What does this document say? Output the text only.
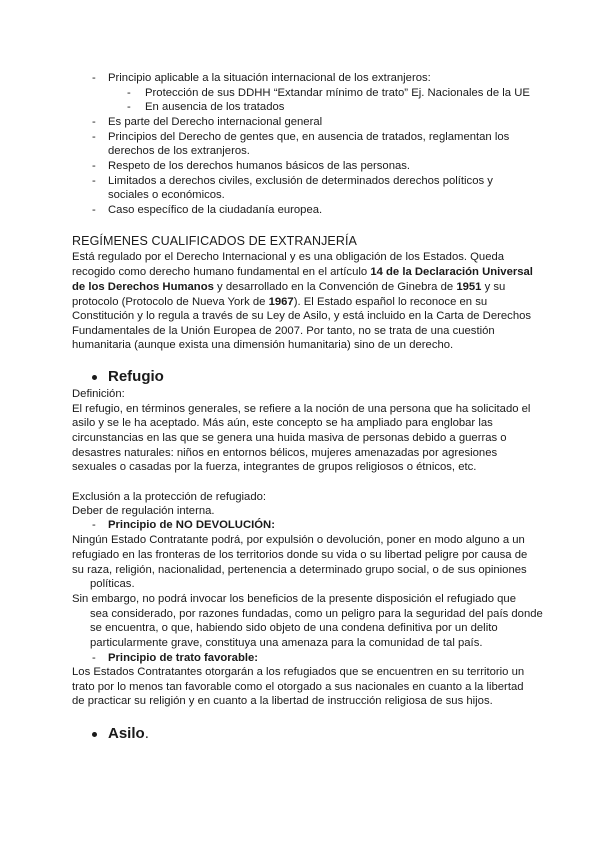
- Principio aplicable a la situación internacional de los extranjeros:
- Protección de sus DDHH “Extandar mínimo de trato” Ej. Nacionales de la UE
- En ausencia de los tratados
- Es parte del Derecho internacional general
- Principios del Derecho de gentes que, en ausencia de tratados, reglamentan los
derechos de los extranjeros.
- Respeto de los derechos humanos básicos de las personas.
- Limitados a derechos civiles, exclusión de determinados derechos políticos y
sociales o económicos.
- Caso específico de la ciudadanía europea.
REGÍMENES CUALIFICADOS DE EXTRANJERÍA
Está regulado por el Derecho Internacional y es una obligación de los Estados. Queda
recogido como derecho humano fundamental en el artículo 14 de la Declaración Universal
de los Derechos Humanos y desarrollado en la Convención de Ginebra de 1951 y su
protocolo (Protocolo de Nueva York de 1967). El Estado español lo reconoce en su
Constitución y lo regula a través de su Ley de Asilo, y está incluido en la Carta de Derechos
Fundamentales de la Unión Europea de 2007. Por tanto, no se trata de una cuestión
humanitaria (aunque exista una dimensión humanitaria) sino de un derecho.
Refugio
Definición:
El refugio, en términos generales, se refiere a la noción de una persona que ha solicitado el
asilo y se le ha aceptado. Más aún, este concepto se ha ampliado para englobar las
circunstancias en las que se genera una huida masiva de personas debido a guerras o
desastres naturales: niños en entornos bélicos, mujeres amenazadas por agresiones
sexuales o casadas por la fuerza, integrantes de grupos religiosos o étnicos, etc.
Exclusión a la protección de refugiado:
Deber de regulación interna.
- Principio de NO DEVOLUCIÓN:
Ningún Estado Contratante podrá, por expulsión o devolución, poner en modo alguno a un
refugiado en las fronteras de los territorios donde su vida o su libertad peligre por causa de
su raza, religión, nacionalidad, pertenencia a determinado grupo social, o de sus opiniones
políticas.
Sin embargo, no podrá invocar los beneficios de la presente disposición el refugiado que
sea considerado, por razones fundadas, como un peligro para la seguridad del país donde
se encuentra, o que, habiendo sido objeto de una condena definitiva por un delito
particularmente grave, constituya una amenaza para la comunidad de tal país.
- Principio de trato favorable:
Los Estados Contratantes otorgarán a los refugiados que se encuentren en su territorio un
trato por lo menos tan favorable como el otorgado a sus nacionales en cuanto a la libertad
de practicar su religión y en cuanto a la libertad de instrucción religiosa de sus hijos.
Asilo.
